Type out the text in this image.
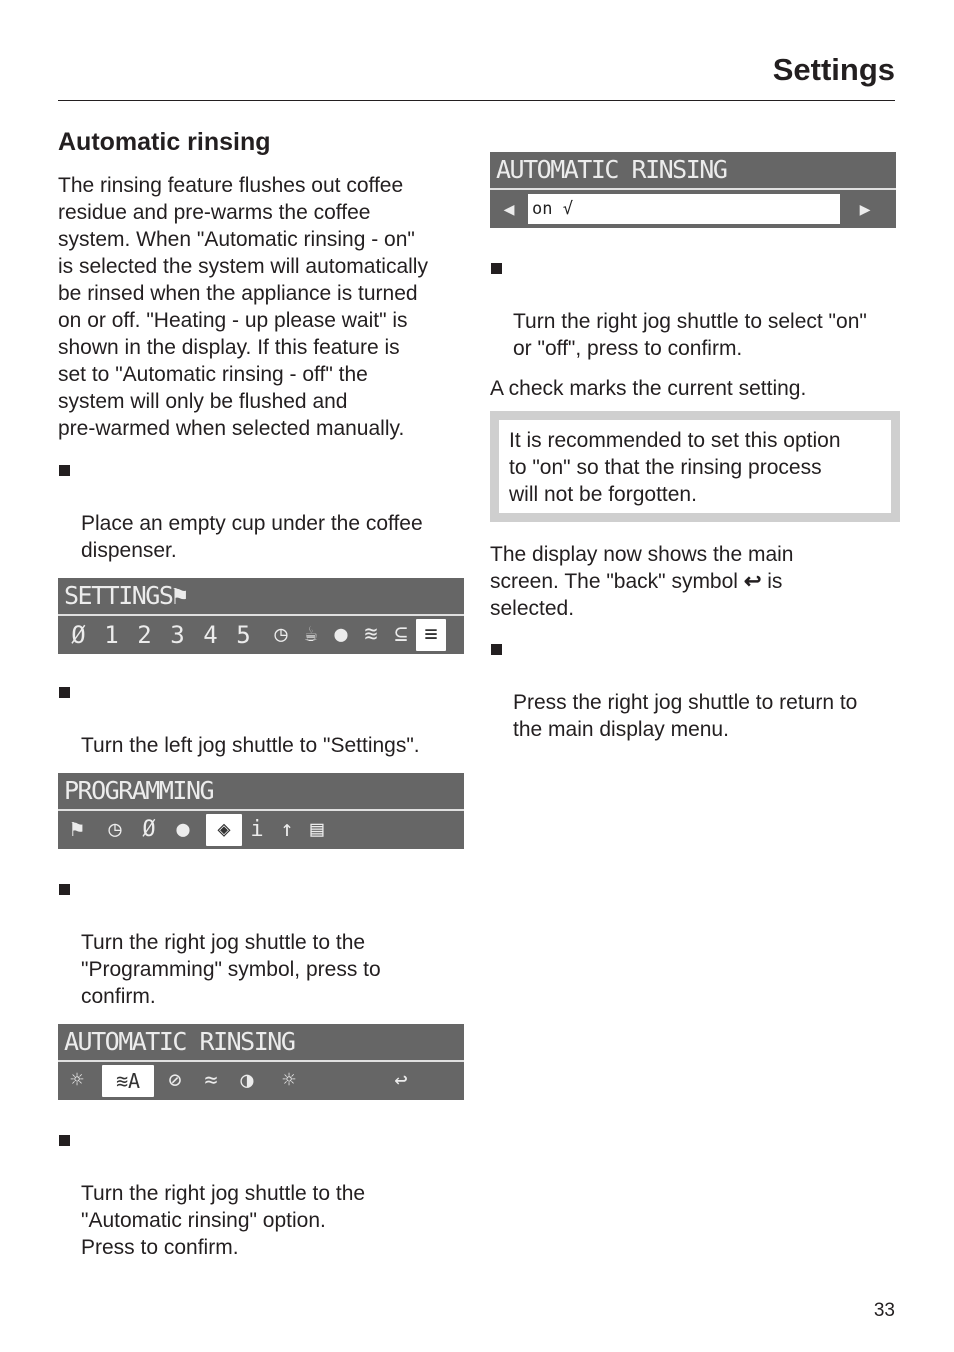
Settings
Automatic rinsing

The rinsing feature flushes out coffee
residue and pre-warms the coffee
system. When "Automatic rinsing - on"
is selected the system will automatically
be rinsed when the appliance is turned
on or off. "Heating - up please wait" is
shown in the display. If this feature is
set to "Automatic rinsing - off" the
system will only be flushed and
pre-warmed when selected manually.

Place an empty cup under the coffee
dispenser.

SETTINGS⚑
Ø 1 2 3 4 5	◷ ☕ ● ≋ ⊆ ≡

Turn the left jog shuttle to "Settings".

PROGRAMMING
⚑	◷ Ø ●	◈ i ↑ ▤

Turn the right jog shuttle to the
"Programming" symbol, press to
confirm.

AUTOMATIC RINSING
☼	≋A	⊘	≈	◑	☼	↩

Turn the right jog shuttle to the
"Automatic rinsing" option.
Press to confirm.

AUTOMATIC RINSING
◀	on √	▶

Turn the right jog shuttle to select "on"
or "off", press to confirm.

A check marks the current setting.

It is recommended to set this option
to "on" so that the rinsing process
will not be forgotten.

The display now shows the main
screen. The "back" symbol ↩ is
selected.

Press the right jog shuttle to return to
the main display menu.

33
